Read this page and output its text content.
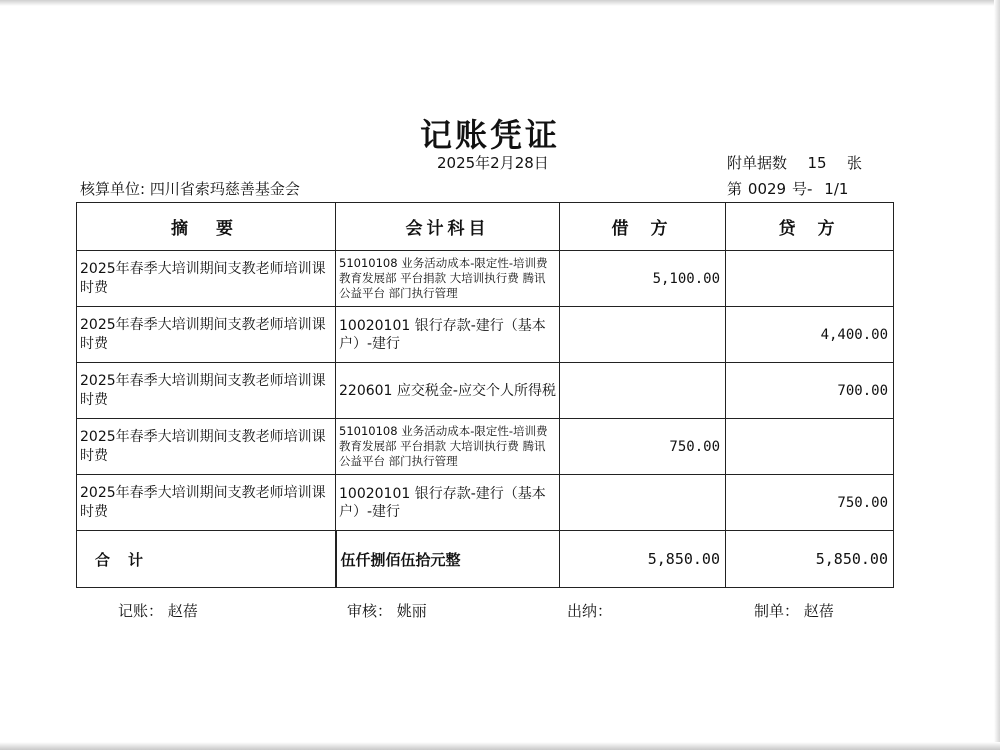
记账凭证
2025年2月28日	附单据数 15 张
核算单位: 四川省索玛慈善基金会	第 0029 号- 1/1
摘要	会计科目	借方	贷方
2025年春季大培训期间支教老师培训课时费	51010108 业务活动成本-限定性-培训费 教育发展部 平台捐款 大培训执行费 腾讯公益平台 部门执行管理	5,100.00	
2025年春季大培训期间支教老师培训课时费	10020101 银行存款-建行（基本户）-建行		4,400.00
2025年春季大培训期间支教老师培训课时费	220601 应交税金-应交个人所得税		700.00
2025年春季大培训期间支教老师培训课时费	51010108 业务活动成本-限定性-培训费 教育发展部 平台捐款 大培训执行费 腾讯公益平台 部门执行管理	750.00	
2025年春季大培训期间支教老师培训课时费	10020101 银行存款-建行（基本户）-建行		750.00
合计	伍仟捌佰伍拾元整	5,850.00	5,850.00
记账： 赵蓓	审核： 姚丽	出纳：	制单： 赵蓓
